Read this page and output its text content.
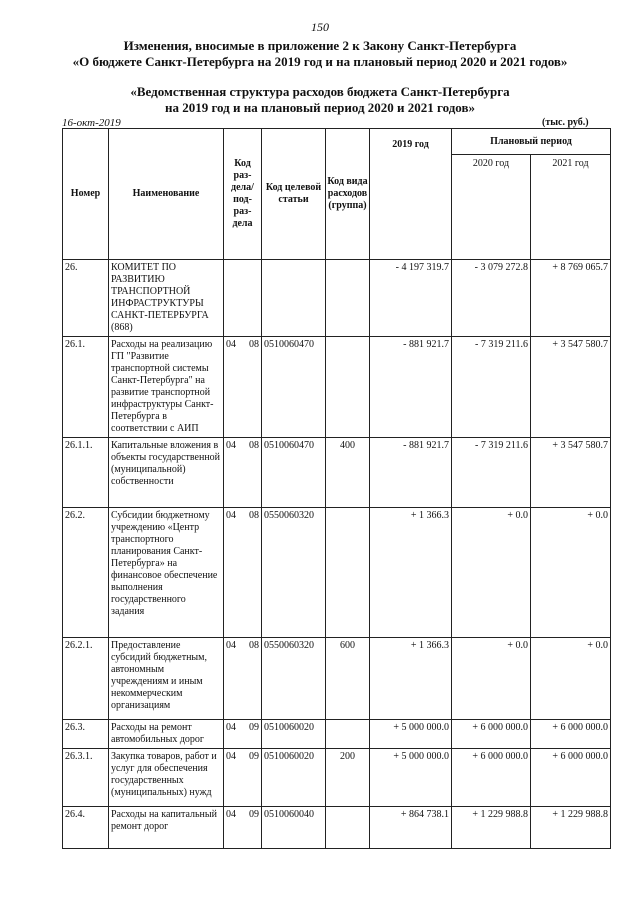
150
Изменения, вносимые в приложение 2 к Закону Санкт-Петербурга
«О бюджете Санкт-Петербурга на 2019 год и на плановый период 2020 и 2021 годов»
«Ведомственная структура расходов бюджета Санкт-Петербурга
на 2019 год и на плановый период 2020 и 2021 годов»
16-окт-2019	(тыс. руб.)
Номер	Наименование	Код раз- дела/ под- раз- дела	Код целевой статьи	Код вида расходов (группа)	2019 год	Плановый период	
						2020 год	2021 год
26.	КОМИТЕТ ПО РАЗВИТИЮ ТРАНСПОРТНОЙ ИНФРАСТРУКТУРЫ САНКТ-ПЕТЕРБУРГА (868)				- 4 197 319.7	- 3 079 272.8	+ 8 769 065.7
26.1.	Расходы на реализацию ГП "Развитие транспортной системы Санкт-Петербурга" на развитие транспортной инфраструктуры Санкт-Петербурга в соответствии с АИП	04 08	0510060470		- 881 921.7	- 7 319 211.6	+ 3 547 580.7
26.1.1.	Капитальные вложения в объекты государственной (муниципальной) собственности	04 08	0510060470	400	- 881 921.7	- 7 319 211.6	+ 3 547 580.7
26.2.	Субсидии бюджетному учреждению «Центр транспортного планирования Санкт-Петербурга» на финансовое обеспечение выполнения государственного задания	04 08	0550060320		+ 1 366.3	+ 0.0	+ 0.0
26.2.1.	Предоставление субсидий бюджетным, автономным учреждениям и иным некоммерческим организациям	04 08	0550060320	600	+ 1 366.3	+ 0.0	+ 0.0
26.3.	Расходы на ремонт автомобильных дорог	04 09	0510060020		+ 5 000 000.0	+ 6 000 000.0	+ 6 000 000.0
26.3.1.	Закупка товаров, работ и услуг для обеспечения государственных (муниципальных) нужд	04 09	0510060020	200	+ 5 000 000.0	+ 6 000 000.0	+ 6 000 000.0
26.4.	Расходы на капитальный ремонт дорог	04 09	0510060040		+ 864 738.1	+ 1 229 988.8	+ 1 229 988.8
